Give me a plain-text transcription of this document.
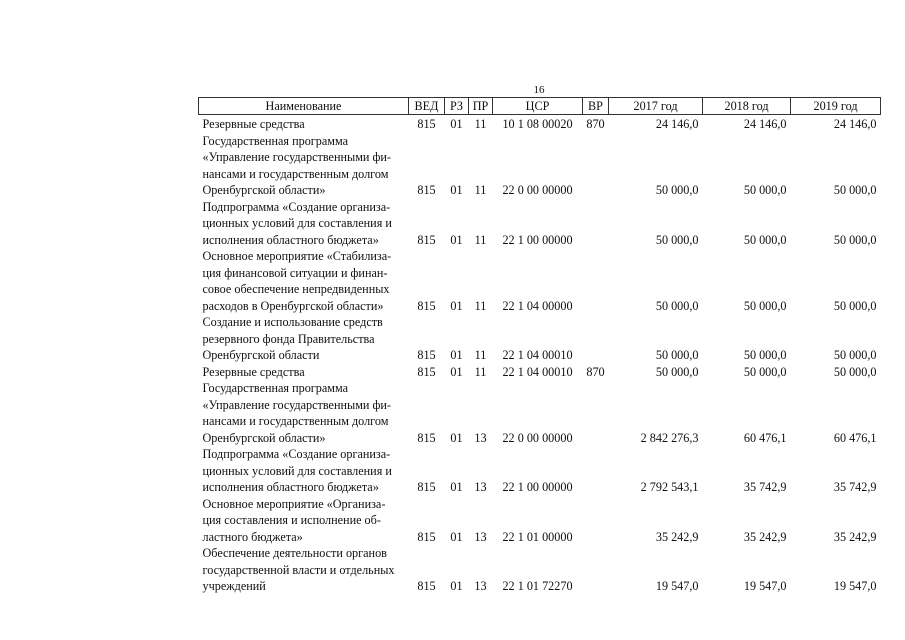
16
Наименование	ВЕД	РЗ	ПР	ЦСР	ВР	2017 год	2018 год	2019 год
Резервные средства	815	01	11	10 1 08 00020	870	24 146,0	24 146,0	24 146,0
Государственная программа
«Управление государственными фи-
нансами и государственным долгом
Оренбургской области»	815	01	11	22 0 00 00000		50 000,0	50 000,0	50 000,0
Подпрограмма «Создание организа-
ционных условий для составления и
исполнения областного бюджета»	815	01	11	22 1 00 00000		50 000,0	50 000,0	50 000,0
Основное мероприятие «Стабилиза-
ция финансовой ситуации и финан-
совое обеспечение непредвиденных
расходов в Оренбургской области»	815	01	11	22 1 04 00000		50 000,0	50 000,0	50 000,0
Создание и использование средств
резервного фонда Правительства
Оренбургской области	815	01	11	22 1 04 00010		50 000,0	50 000,0	50 000,0
Резервные средства	815	01	11	22 1 04 00010	870	50 000,0	50 000,0	50 000,0
Государственная программа
«Управление государственными фи-
нансами и государственным долгом
Оренбургской области»	815	01	13	22 0 00 00000		2 842 276,3	60 476,1	60 476,1
Подпрограмма «Создание организа-
ционных условий для составления и
исполнения областного бюджета»	815	01	13	22 1 00 00000		2 792 543,1	35 742,9	35 742,9
Основное мероприятие «Организа-
ция составления и исполнение об-
ластного бюджета»	815	01	13	22 1 01 00000		35 242,9	35 242,9	35 242,9
Обеспечение деятельности органов
государственной власти и отдельных
учреждений	815	01	13	22 1 01 72270		19 547,0	19 547,0	19 547,0
